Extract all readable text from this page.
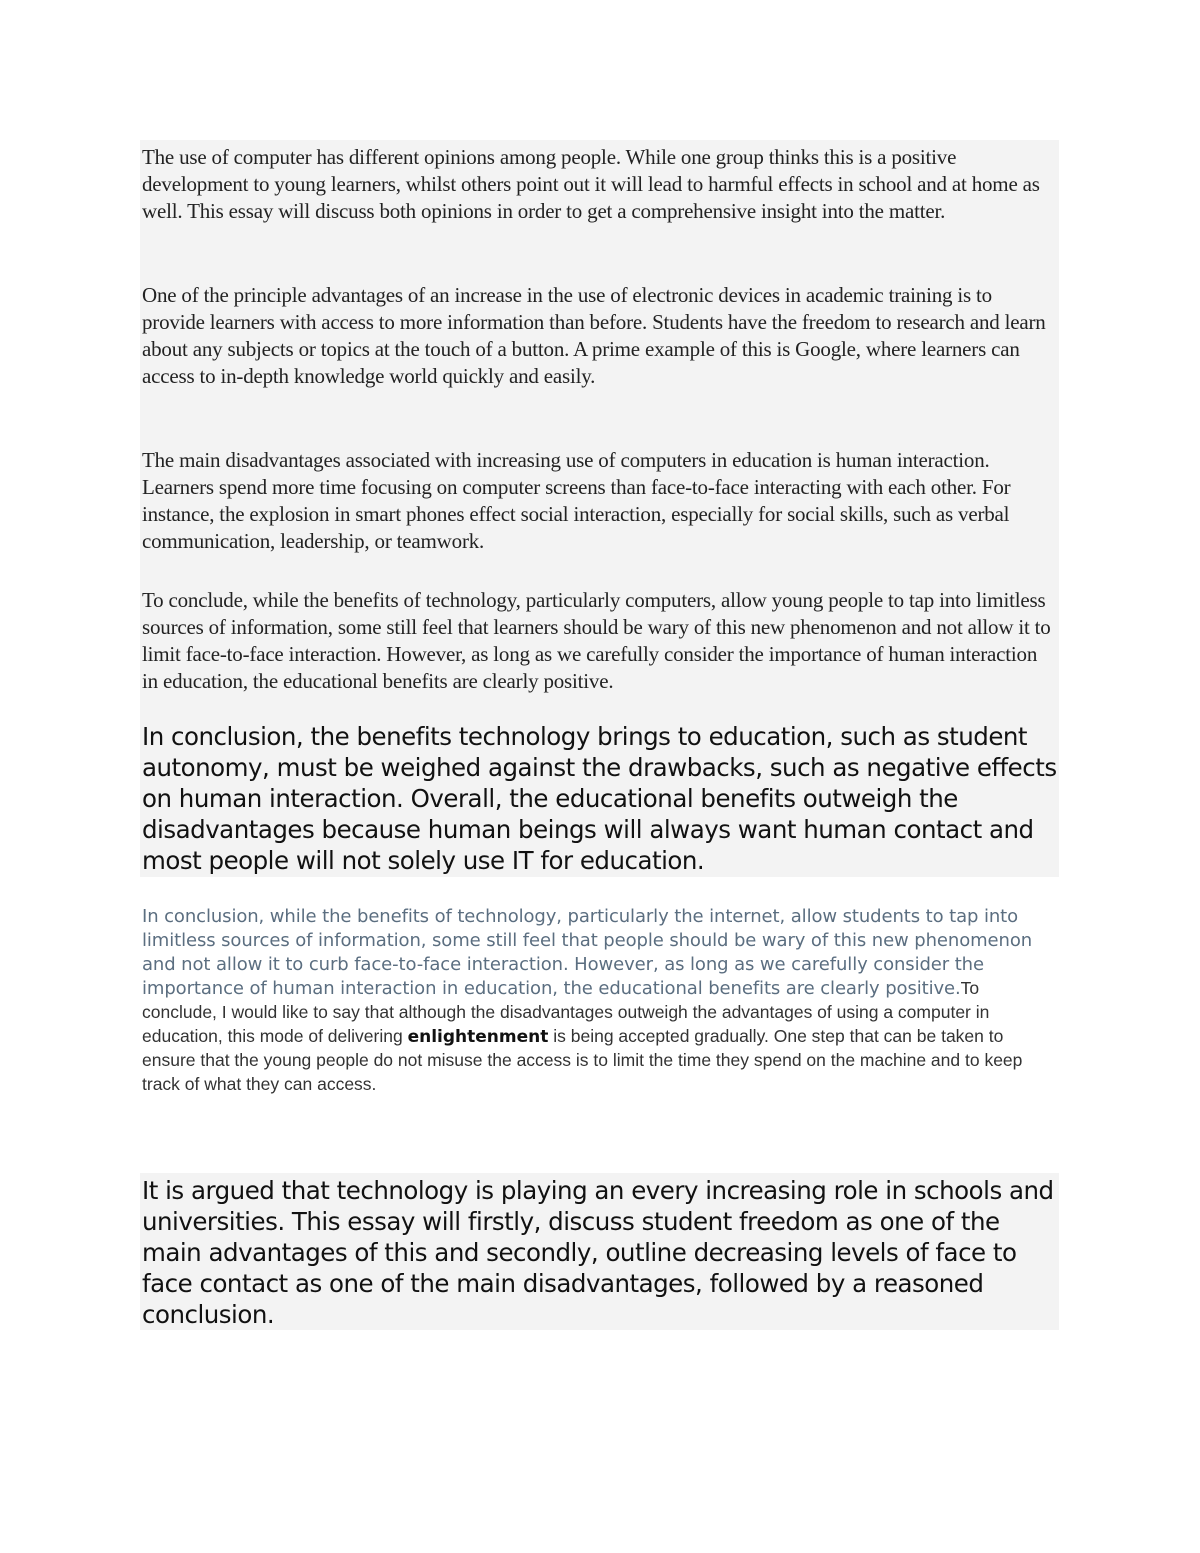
The use of computer has different opinions among people. While one group thinks this is a positive development to young learners, whilst others point out it will lead to harmful effects in school and at home as well. This essay will discuss both opinions in order to get a comprehensive insight into the matter.

One of the principle advantages of an increase in the use of electronic devices in academic training is to provide learners with access to more information than before. Students have the freedom to research and learn about any subjects or topics at the touch of a button. A prime example of this is Google, where learners can access to in-depth knowledge world quickly and easily.

The main disadvantages associated with increasing use of computers in education is human interaction. Learners spend more time focusing on computer screens than face-to-face interacting with each other. For instance, the explosion in smart phones effect social interaction, especially for social skills, such as verbal communication, leadership, or teamwork.

To conclude, while the benefits of technology, particularly computers, allow young people to tap into limitless sources of information, some still feel that learners should be wary of this new phenomenon and not allow it to limit face-to-face interaction. However, as long as we carefully consider the importance of human interaction in education, the educational benefits are clearly positive.

In conclusion, the benefits technology brings to education, such as student autonomy, must be weighed against the drawbacks, such as negative effects on human interaction. Overall, the educational benefits outweigh the disadvantages because human beings will always want human contact and most people will not solely use IT for education.

In conclusion, while the benefits of technology, particularly the internet, allow students to tap into limitless sources of information, some still feel that people should be wary of this new phenomenon and not allow it to curb face-to-face interaction. However, as long as we carefully consider the importance of human interaction in education, the educational benefits are clearly positive.To conclude, I would like to say that although the disadvantages outweigh the advantages of using a computer in education, this mode of delivering enlightenment is being accepted gradually. One step that can be taken to ensure that the young people do not misuse the access is to limit the time they spend on the machine and to keep track of what they can access.

It is argued that technology is playing an every increasing role in schools and universities. This essay will firstly, discuss student freedom as one of the main advantages of this and secondly, outline decreasing levels of face to face contact as one of the main disadvantages, followed by a reasoned conclusion.
